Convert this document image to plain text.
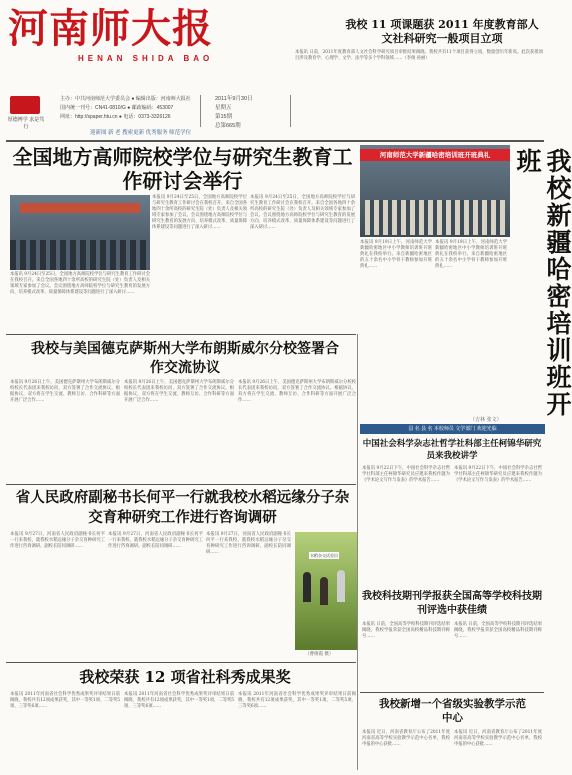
河南师大报
HENAN SHIDA BAO
厚德博学 求是笃行
主办：中共河南师范大学委员会 ● 编辑出版：河南师大报社
国内统一刊号：CN41-0810/G ● 邮政编码：453007
网址：http://spaper.htu.cn ● 电话：0373-3326126
2011年9月30日
星期五
第15期
总第665期
我校 11 项课题获 2011 年度教育部人文社科研究一般项目立项
本报讯 日前，2011年度教育部人文社会科学研究项目审批结果揭晓。我校共有11个项目获得立项，数量创历年新高。此次获批项目涉及教育学、心理学、文学、法学等多个学科领域……（李俊 孙丽）
迎新图 新 老 搜索更新 优秀服务 师范学位
全国地方高师院校学位与研究生教育工作研讨会举行
本报讯 9月24日至25日，全国地方高师院校学位与研究生教育工作研讨会在我校召开。来自全国各地四十余所高校的研究生院（处）负责人及相关领域专家参加了会议。会议围绕地方高师院校学位与研究生教育的发展方向、培养模式改革、质量保障体系建设等问题进行了深入研讨……
本报讯 9月24日至25日，全国地方高师院校学位与研究生教育工作研讨会在我校召开。来自全国各地四十余所高校的研究生院（处）负责人及相关领域专家参加了会议。会议围绕地方高师院校学位与研究生教育的发展方向、培养模式改革、质量保障体系建设等问题进行了深入研讨……
本报讯 9月24日至25日，全国地方高师院校学位与研究生教育工作研讨会在我校召开。来自全国各地四十余所高校的研究生院（处）负责人及相关领域专家参加了会议。会议围绕地方高师院校学位与研究生教育的发展方向、培养模式改革、质量保障体系建设等问题进行了深入研讨……
河南师范大学新疆哈密培训班开班典礼	我校新疆哈密培训班开班
本报讯 9月19日上午，河南师范大学新疆哈密地区中小学教师培训班开班典礼在我校举行。来自新疆哈密地区的五十余名中小学骨干教师参加开班典礼……
本报讯 9月19日上午，河南师范大学新疆哈密地区中小学教师培训班开班典礼在我校举行。来自新疆哈密地区的五十余名中小学骨干教师参加开班典礼……
（吉林 张文）
我校与美国德克萨斯州大学布朗斯威尔分校签署合作交流协议
本报讯 9月26日上午，美国德克萨斯州大学布朗斯威尔分校校长代表团来我校访问，双方签署了合作交流协议。根据协议，双方将在学生交流、教师互访、合作科研等方面开展广泛合作……
本报讯 9月26日上午，美国德克萨斯州大学布朗斯威尔分校校长代表团来我校访问，双方签署了合作交流协议。根据协议，双方将在学生交流、教师互访、合作科研等方面开展广泛合作……
本报讯 9月26日上午，美国德克萨斯州大学布朗斯威尔分校校长代表团来我校访问，双方签署了合作交流协议。根据协议，双方将在学生交流、教师互访、合作科研等方面开展广泛合作……
县 名 县 名 本校师员 文学部门 欢迎光临
中国社会科学杂志社哲学社科部主任柯锦华研究员来我校讲学
本报讯 9月22日下午，中国社会科学杂志社哲学社科部主任柯锦华研究员应邀来我校作题为《学术论文写作与发表》的学术报告……
本报讯 9月22日下午，中国社会科学杂志社哲学社科部主任柯锦华研究员应邀来我校作题为《学术论文写作与发表》的学术报告……
省人民政府副秘书长何平一行就我校水稻远缘分子杂交育种研究工作进行咨询调研
本报讯 9月27日，河南省人民政府副秘书长何平一行来我校，就我校水稻远缘分子杂交育种研究工作进行咨询调研。副校长陪同调研……
本报讯 9月27日，河南省人民政府副秘书长何平一行来我校，就我校水稻远缘分子杂交育种研究工作进行咨询调研。副校长陪同调研……
本报讯 9月27日，河南省人民政府副秘书长何平一行来我校，就我校水稻远缘分子杂交育种研究工作进行咨询调研。副校长陪同调研……
水稻杂交试验田
（曹俊霞 摄）
我校科技期刊学报获全国高等学校科技期刊评选中获佳绩
本报讯 日前，全国高等学校科技期刊评选结果揭晓，我校学报荣获全国高校精品科技期刊称号……
本报讯 日前，全国高等学校科技期刊评选结果揭晓，我校学报荣获全国高校精品科技期刊称号……
我校荣获 12 项省社科秀成果奖
本报讯 2011年河南省社会科学优秀成果奖评审结果日前揭晓，我校共有12项成果获奖，其中一等奖1项、二等奖5项、三等奖6项……
本报讯 2011年河南省社会科学优秀成果奖评审结果日前揭晓，我校共有12项成果获奖，其中一等奖1项、二等奖5项、三等奖6项……
本报讯 2011年河南省社会科学优秀成果奖评审结果日前揭晓，我校共有12项成果获奖，其中一等奖1项、二等奖5项、三等奖6项……	我校新增一个省级实验教学示范中心
本报讯 近日，河南省教育厅公布了2011年度河南省高等学校实验教学示范中心名单，我校申报的中心获批……
本报讯 近日，河南省教育厅公布了2011年度河南省高等学校实验教学示范中心名单，我校申报的中心获批……
